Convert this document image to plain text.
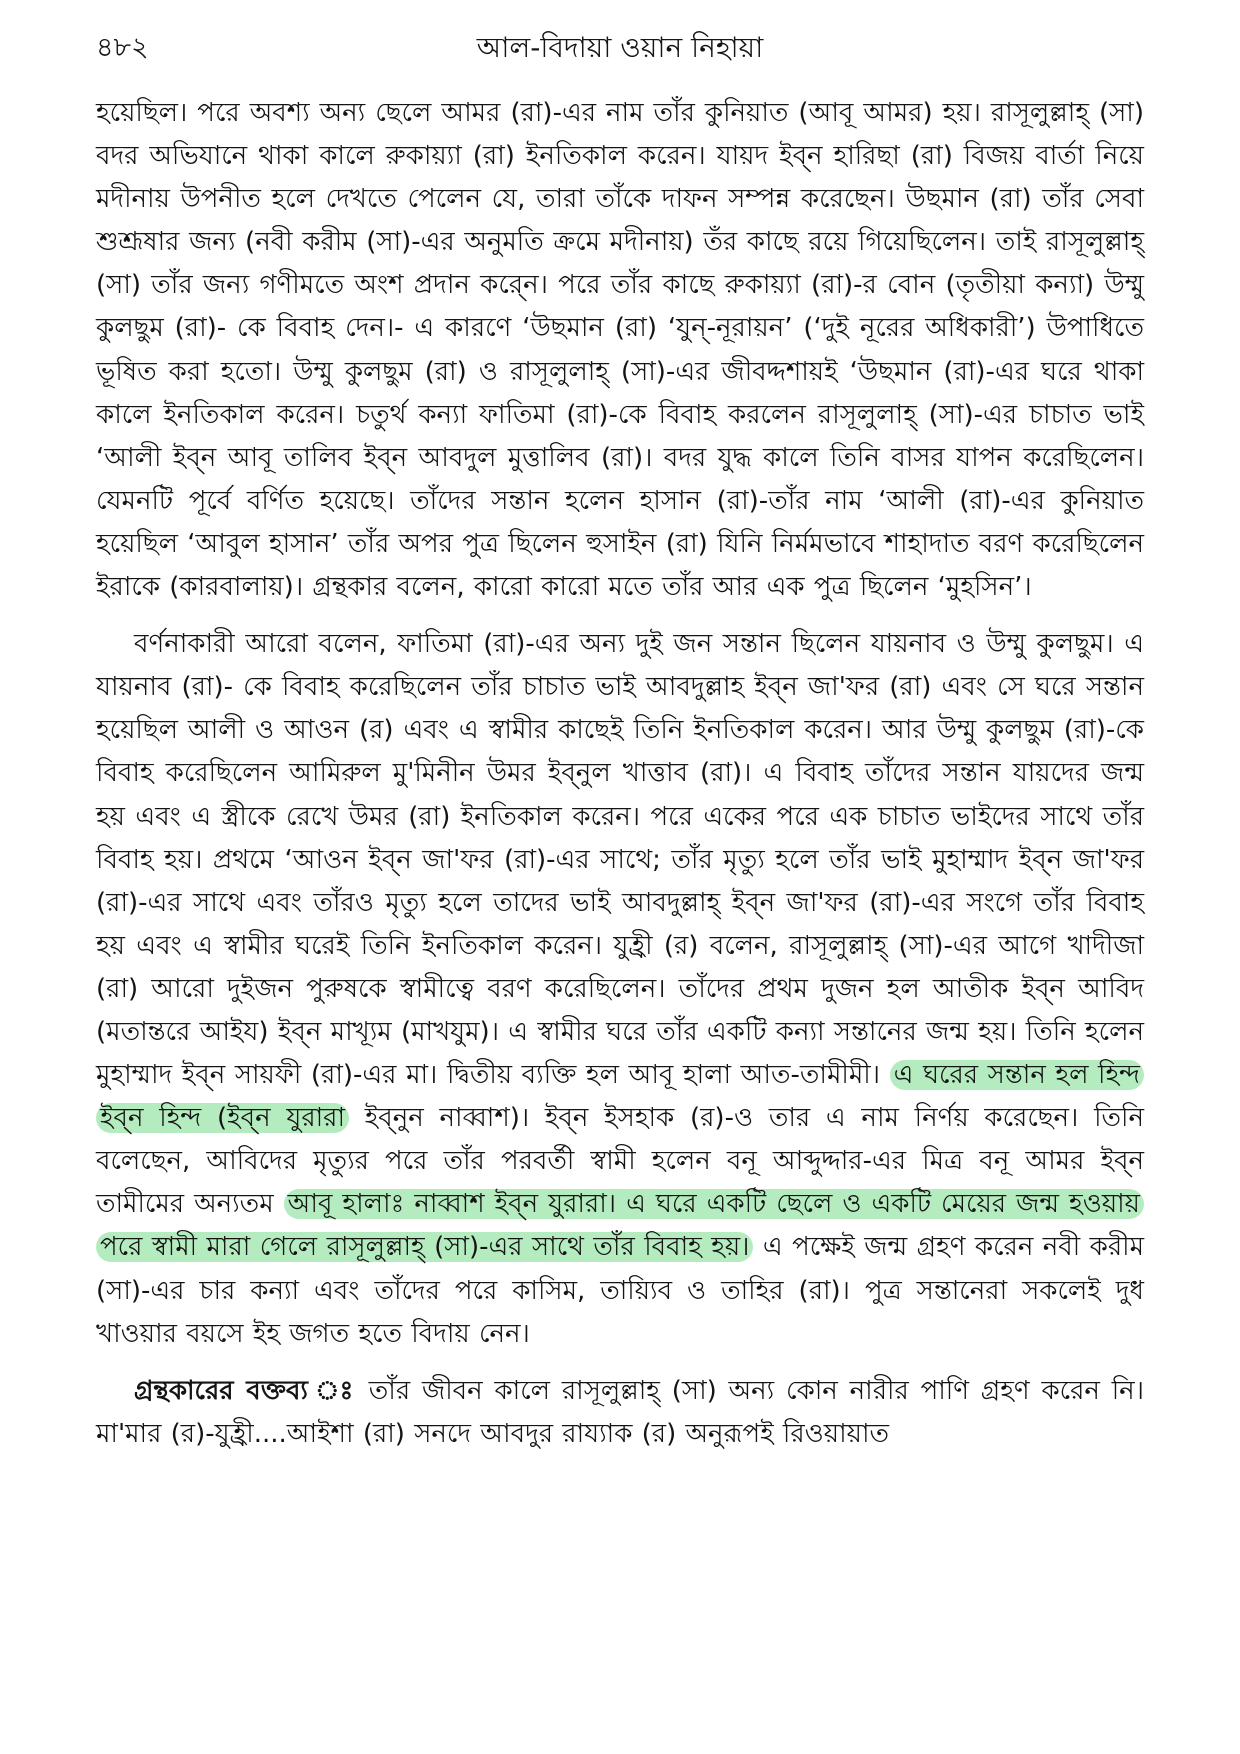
৪৮২	আল-বিদায়া ওয়ান নিহায়া

হয়েছিল। পরে অবশ্য অন্য ছেলে আমর (রা)-এর নাম তাঁর কুনিয়াত (আবূ আমর) হয়। রাসূলুল্লাহ্ (সা) বদর অভিযানে থাকা কালে রুকায়্যা (রা) ইনতিকাল করেন। যায়দ ইব্ন হারিছা (রা) বিজয় বার্তা নিয়ে মদীনায় উপনীত হলে দেখতে পেলেন যে, তারা তাঁকে দাফন সম্পন্ন করেছেন। উছমান (রা) তাঁর সেবা শুশ্রূষার জন্য (নবী করীম (সা)-এর অনুমতি ক্রমে মদীনায়) তঁর কাছে রয়ে গিয়েছিলেন। তাই রাসূলুল্লাহ্ (সা) তাঁর জন্য গণীমতে অংশ প্রদান করে্ন। পরে তাঁর কাছে রুকায়্যা (রা)-র বোন (তৃতীয়া কন্যা) উম্মু কুলছুম (রা)- কে বিবাহ দেন।- এ কারণে ‘উছমান (রা) ‘যুন্-নূরায়ন’ (‘দুই নূরের অধিকারী’) উপাধিতে ভূষিত করা হতো। উম্মু কুলছুম (রা) ও রাসূলুলাহ্ (সা)-এর জীবদ্দশায়ই ‘উছমান (রা)-এর ঘরে থাকা কালে ইনতিকাল করেন। চতুর্থ কন্যা ফাতিমা (রা)-কে বিবাহ করলেন রাসূলুলাহ্ (সা)-এর চাচাত ভাই ‘আলী ইব্ন আবূ তালিব ইব্ন আবদুল মুত্তালিব (রা)। বদর যুদ্ধ কালে তিনি বাসর যাপন করেছিলেন। যেমনটি পূর্বে বর্ণিত হয়েছে। তাঁদের সন্তান হলেন হাসান (রা)-তাঁর নাম ‘আলী (রা)-এর কুনিয়াত হয়েছিল ‘আবুল হাসান’ তাঁর অপর পুত্র ছিলেন হুসাইন (রা) যিনি নির্মমভাবে শাহাদাত বরণ করেছিলেন ইরাকে (কারবালায়)। গ্রন্থকার বলেন, কারো কারো মতে তাঁর আর এক পুত্র ছিলেন ‘মুহসিন’।

বর্ণনাকারী আরো বলেন, ফাতিমা (রা)-এর অন্য দুই জন সন্তান ছিলেন যায়নাব ও উম্মু কুলছুম। এ যায়নাব (রা)- কে বিবাহ করেছিলেন তাঁর চাচাত ভাই আবদুল্লাহ ইব্ন জা'ফর (রা) এবং সে ঘরে সন্তান হয়েছিল আলী ও আওন (র) এবং এ স্বামীর কাছেই তিনি ইনতিকাল করেন। আর উম্মু কুলছুম (রা)-কে বিবাহ করেছিলেন আমিরুল মু'মিনীন উমর ইব্নুল খাত্তাব (রা)। এ বিবাহ তাঁদের সন্তান যায়দের জন্ম হয় এবং এ স্ত্রীকে রেখে উমর (রা) ইনতিকাল করেন। পরে একের পরে এক চাচাত ভাইদের সাথে তাঁর বিবাহ হয়। প্রথমে ‘আওন ইব্ন জা'ফর (রা)-এর সাথে; তাঁর মৃত্যু হলে তাঁর ভাই মুহাম্মাদ ইব্ন জা'ফর (রা)-এর সাথে এবং তাঁরও মৃত্যু হলে তাদের ভাই আবদুল্লাহ্ ইব্ন জা'ফর (রা)-এর সংগে তাঁর বিবাহ হয় এবং এ স্বামীর ঘরেই তিনি ইনতিকাল করেন। যুহ্রী (র) বলেন, রাসূলুল্লাহ্ (সা)-এর আগে খাদীজা (রা) আরো দুইজন পুরুষকে স্বামীত্বে বরণ করেছিলেন। তাঁদের প্রথম দুজন হল আতীক ইব্ন আবিদ (মতান্তরে আইয) ইব্ন মাখ্যূম (মাখযুম)। এ স্বামীর ঘরে তাঁর একটি কন্যা সন্তানের জন্ম হয়। তিনি হলেন মুহাম্মাদ ইব্ন সায়ফী (রা)-এর মা। দ্বিতীয় ব্যক্তি হল আবূ হালা আত-তামীমী। এ ঘরের সন্তান হল হিন্দ ইব্ন হিন্দ (ইব্ন যুরারা ইব্নুন নাব্বাশ)। ইব্ন ইসহাক (র)-ও তার এ নাম নির্ণয় করেছেন। তিনি বলেছেন, আবিদের মৃত্যুর পরে তাঁর পরবর্তী স্বামী হলেন বনূ আব্দুদ্দার-এর মিত্র বনূ আমর ইব্ন তামীমের অন্যতম আবূ হালাঃ নাব্বাশ ইব্ন যুরারা। এ ঘরে একটি ছেলে ও একটি মেয়ের জন্ম হওয়ায় পরে স্বামী মারা গেলে রাসূলুল্লাহ্ (সা)-এর সাথে তাঁর বিবাহ হয়। এ পক্ষেই জন্ম গ্রহণ করেন নবী করীম (সা)-এর চার কন্যা এবং তাঁদের পরে কাসিম, তায়্যিব ও তাহির (রা)। পুত্র সন্তানেরা সকলেই দুধ খাওয়ার বয়সে ইহ জগত হতে বিদায় নেন।

গ্রন্থকারের বক্তব্য ঃ তাঁর জীবন কালে রাসূলুল্লাহ্ (সা) অন্য কোন নারীর পাণি গ্রহণ করেন নি। মা'মার (র)-যুহ্রী....আইশা (রা) সনদে আবদুর রায্যাক (র) অনুরূপই রিওয়ায়াত
